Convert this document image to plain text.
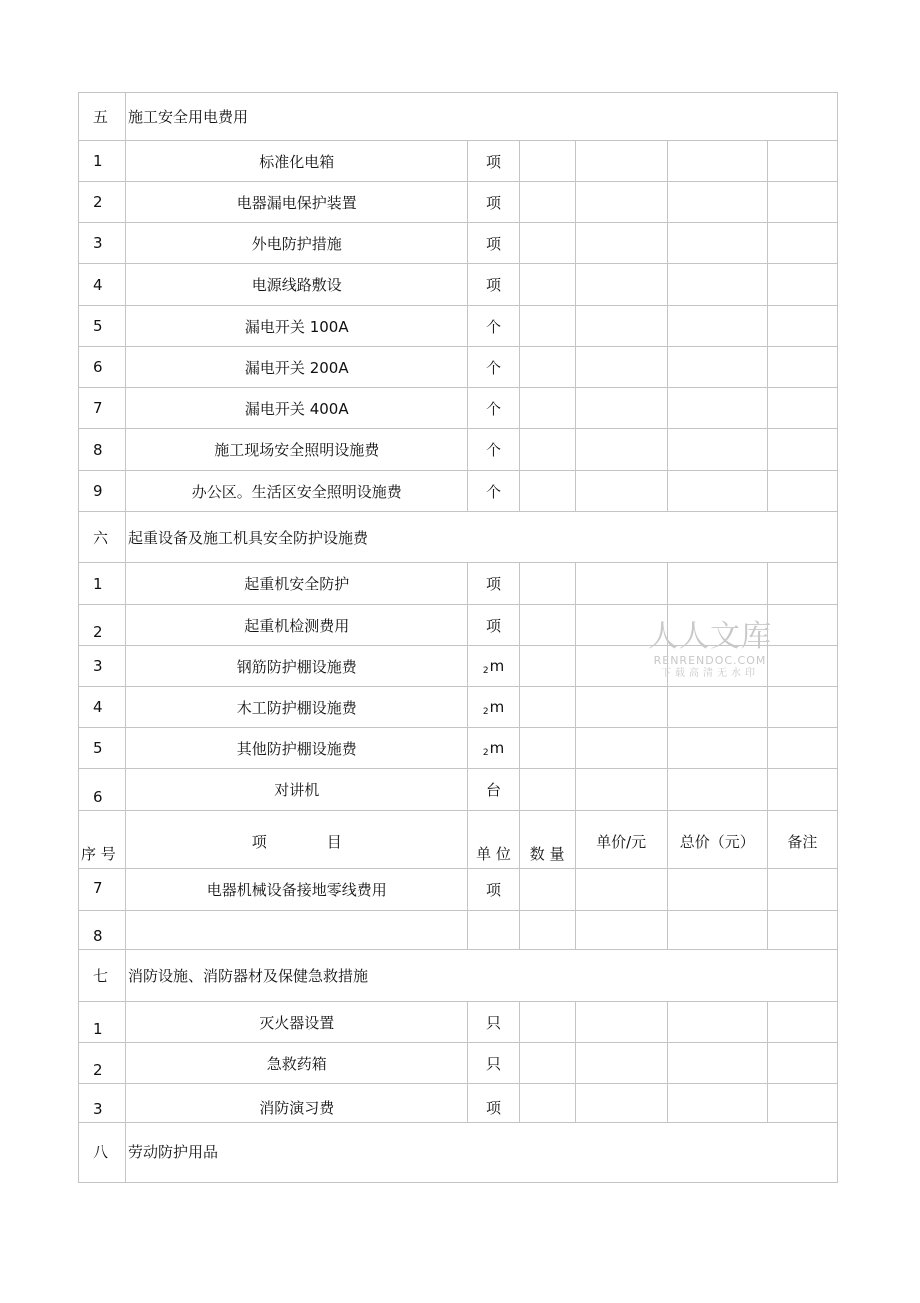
五	施工安全用电费用					
1	标准化电箱	项				
2	电器漏电保护装置	项				
3	外电防护措施	项				
4	电源线路敷设	项				
5	漏电开关 100A	个				
6	漏电开关 200A	个				
7	漏电开关 400A	个				
8	施工现场安全照明设施费	个				
9	办公区。生活区安全照明设施费	个				
六	起重设备及施工机具安全防护设施费					
1	起重机安全防护	项				
2	起重机检测费用	项				
3	钢筋防护棚设施费	$_2$m				
4	木工防护棚设施费	$_2$m				
5	其他防护棚设施费	$_2$m				
6	对讲机	台				
序 号	项 目	单 位	数 量	单价/元	总价（元）	备注
7	电器机械设备接地零线费用	项				
8						
七	消防设施、消防器材及保健急救措施					
1	灭火器设置	只				
2	急救药箱	只				
3	消防演习费	项				
八	劳动防护用品					
人人文库
RENRENDOC.COM
下载高清无水印
